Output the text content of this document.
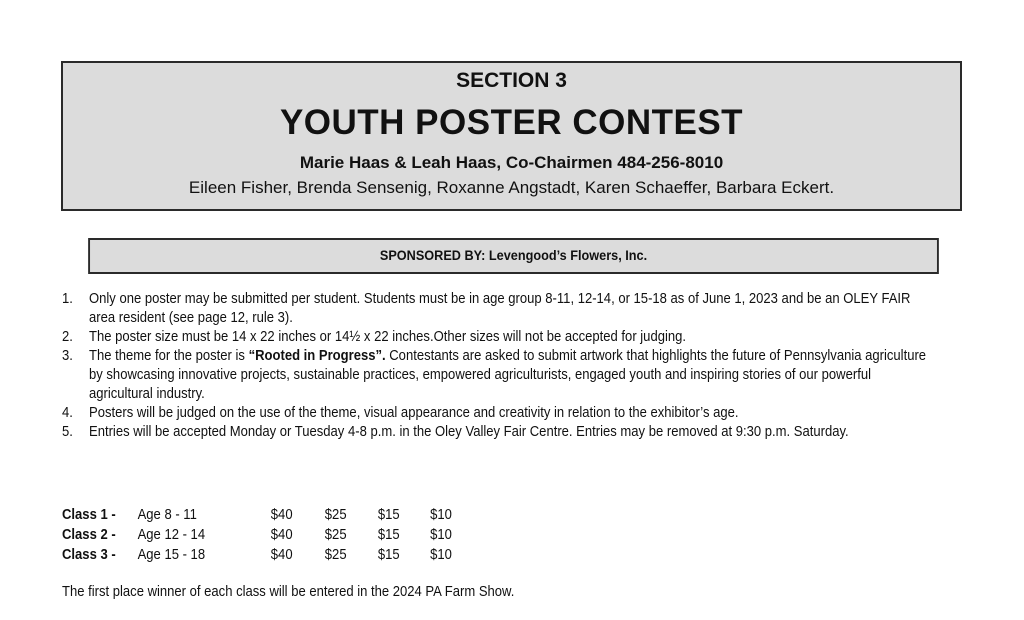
SECTION 3
YOUTH POSTER CONTEST
Marie Haas & Leah Haas, Co-Chairmen 484-256-8010
Eileen Fisher, Brenda Sensenig, Roxanne Angstadt, Karen Schaeffer, Barbara Eckert.
SPONSORED BY: Levengood’s Flowers, Inc.
1. Only one poster may be submitted per student. Students must be in age group 8-11, 12-14, or 15-18 as of June 1, 2023 and be an OLEY FAIR area resident (see page 12, rule 3).
2. The poster size must be 14 x 22 inches or 14½ x 22 inches.Other sizes will not be accepted for judging.
3. The theme for the poster is “Rooted in Progress”. Contestants are asked to submit artwork that highlights the future of Pennsylvania agriculture by showcasing innovative projects, sustainable practices, empowered agriculturists, engaged youth and inspiring stories of our powerful agricultural industry.
4. Posters will be judged on the use of the theme, visual appearance and creativity in relation to the exhibitor’s age.
5. Entries will be accepted Monday or Tuesday 4-8 p.m. in the Oley Valley Fair Centre. Entries may be removed at 9:30 p.m. Saturday.
Class 1 - Age 8 - 11	$40 $25 $15 $10
Class 2 - Age 12 - 14	$40 $25 $15 $10
Class 3 - Age 15 - 18	$40 $25 $15 $10
The first place winner of each class will be entered in the 2024 PA Farm Show.
